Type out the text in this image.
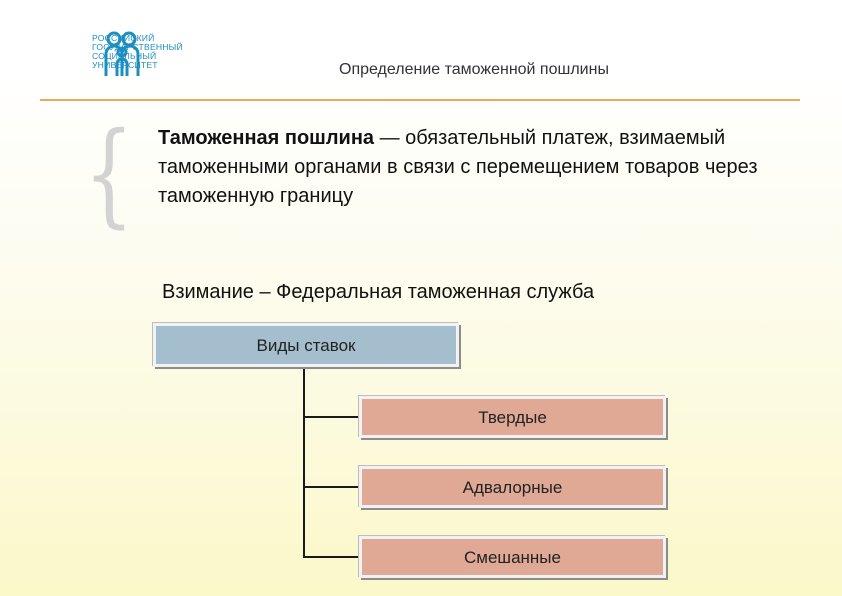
РОССИЙСКИЙ
ГОСУДАРСТВЕННЫЙ
СОЦИАЛЬНЫЙ
УНИВЕРСИТЕТ	Определение таможенной пошлины
{ Таможенная пошлина — обязательный платеж, взимаемый таможенными органами в связи с перемещением товаров через таможенную границу
Взимание – Федеральная таможенная служба
Виды ставок
Твердые
Адвалорные
Смешанные
